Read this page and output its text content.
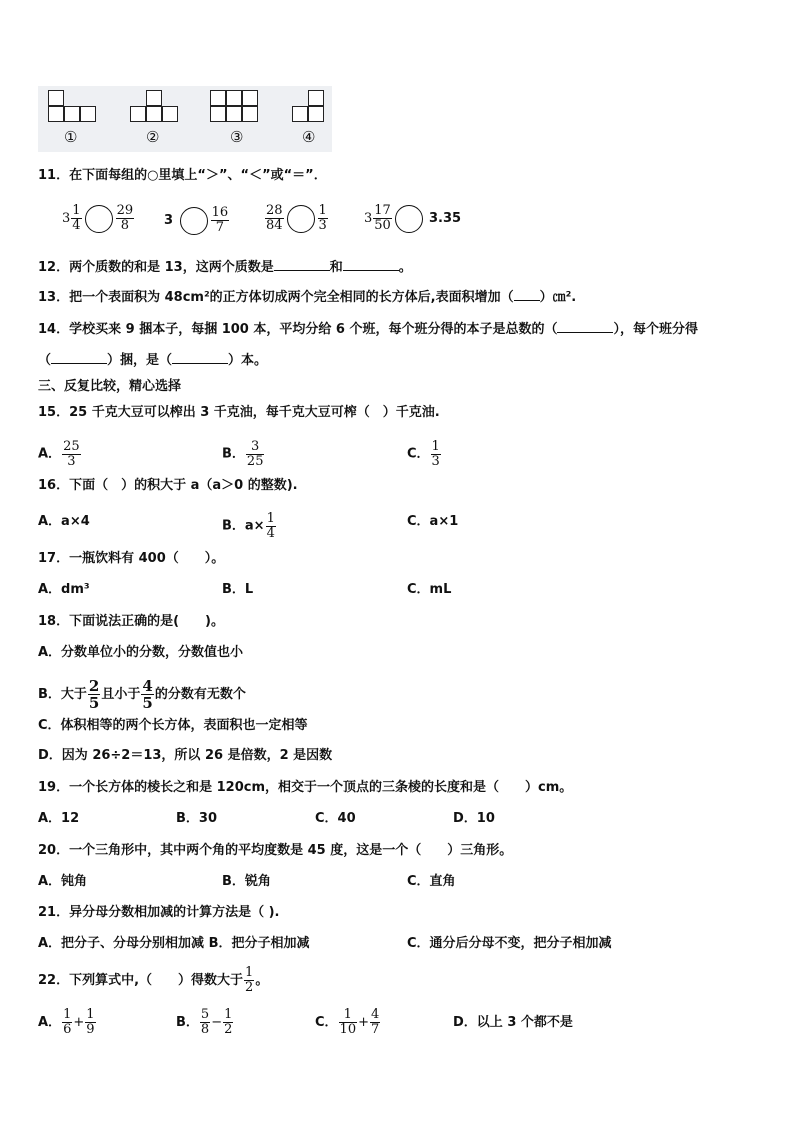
①	②	③	④
11．在下面每组的○里填上“＞”、“＜”或“＝”．
$3 \frac{1}{4}$	$\frac{29}{8} 3$	$\frac{16}{7}$	$\frac{28}{84}$	$\frac{1}{3}$	$3 \frac{17}{50}$	3.35
12．两个质数的和是 13，这两个质数是	和	。
13．把一个表面积为 48cm²的正方体切成两个完全相同的长方体后,表面积增加（ ）㎝².
14．学校买来 9 捆本子，每捆 100 本，平均分给 6 个班，每个班分得的本子是总数的（	），每个班分得
（	）捆，是（	）本。
三、反复比较，精心选择
15．25 千克大豆可以榨出 3 千克油，每千克大豆可榨（　）千克油.
A． $\frac{25}{3}$	B． $\frac{3}{25}$	C． $\frac{1}{3}$
16．下面（　）的积大于 a（a＞0 的整数).
A．a×4	B．$a\times \frac{1}{4}$	C．a×1
17．一瓶饮料有 400（　　）。
A．dm³	B．L	C．mL
18．下面说法正确的是(　　)。
A．分数单位小的分数，分数值也小
B．大于 $\frac{2}{5}$ 且小于 $\frac{4}{5}$ 的分数有无数个
C．体积相等的两个长方体，表面积也一定相等
D．因为 26÷2＝13，所以 26 是倍数，2 是因数
19．一个长方体的棱长之和是 120cm，相交于一个顶点的三条棱的长度和是（　　）cm。
A．12	B．30	C．40	D．10
20．一个三角形中，其中两个角的平均度数是 45 度，这是一个（　　）三角形。
A．钝角	B．锐角	C．直角
21．异分母分数相加减的计算方法是（ ).
A．把分子、分母分别相加减 B．把分子相加减	C．通分后分母不变，把分子相加减
22．下列算式中,（　　）得数大于 $\frac{1}{2}$ 。
A． $\frac{1}{6} + \frac{1}{9}$	B． $\frac{5}{8} - \frac{1}{2}$	C． $\frac{1}{10} + \frac{4}{7}$	D．以上 3 个都不是
